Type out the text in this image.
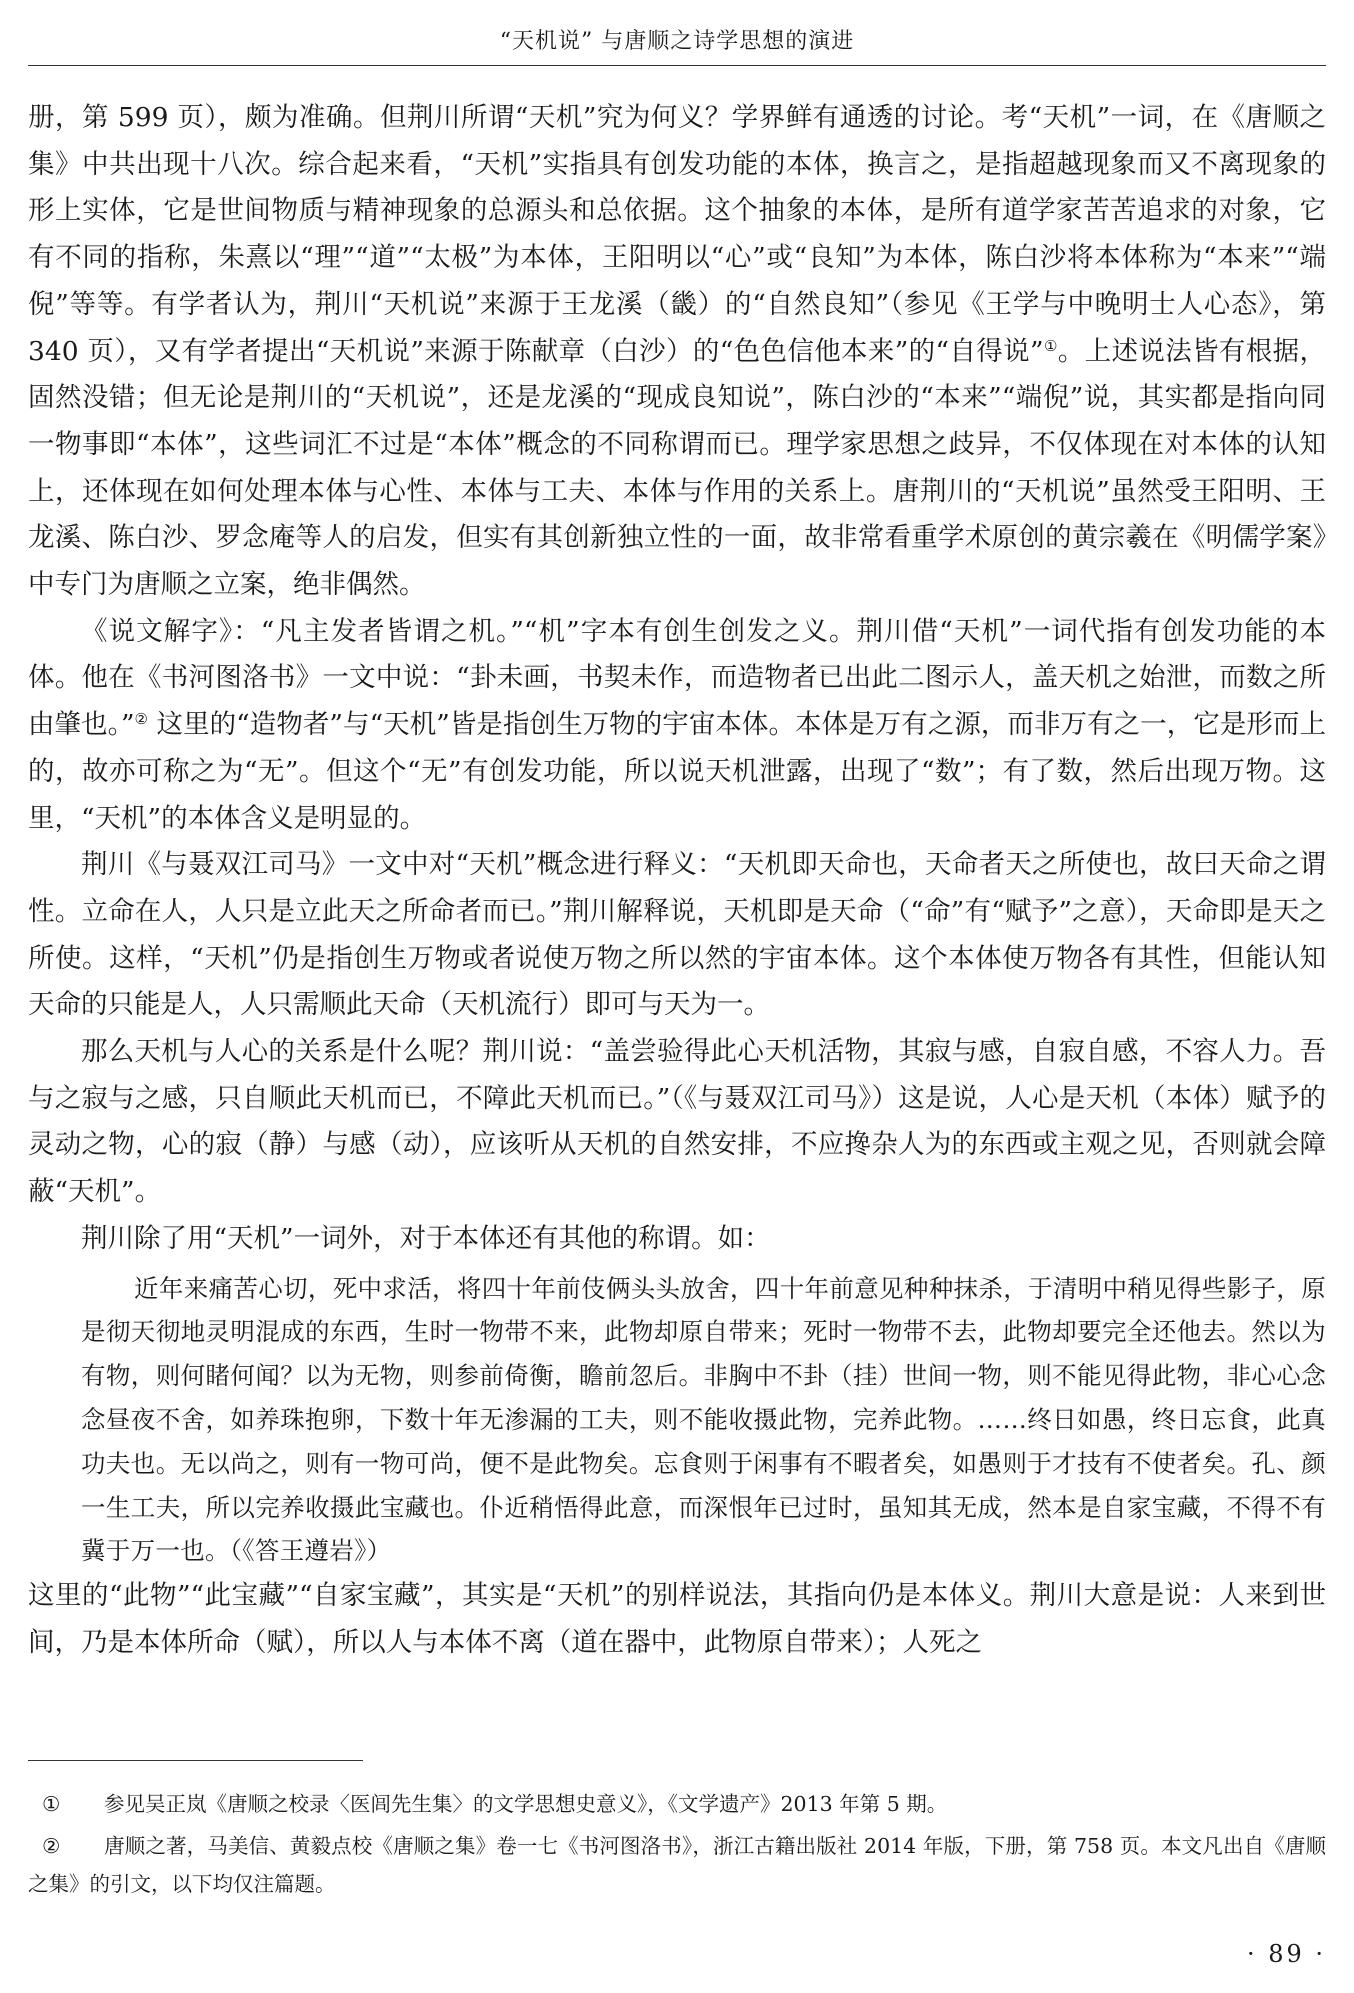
“天机说” 与唐顺之诗学思想的演进

册，第 599 页），颇为准确。但荆川所谓“天机”究为何义？学界鲜有通透的讨论。考“天机”一词，在《唐顺之集》中共出现十八次。综合起来看，“天机”实指具有创发功能的本体，换言之，是指超越现象而又不离现象的形上实体，它是世间物质与精神现象的总源头和总依据。这个抽象的本体，是所有道学家苦苦追求的对象，它有不同的指称，朱熹以“理”“道”“太极”为本体，王阳明以“心”或“良知”为本体，陈白沙将本体称为“本来”“端倪”等等。有学者认为，荆川“天机说”来源于王龙溪（畿）的“自然良知”（参见《王学与中晚明士人心态》，第 340 页），又有学者提出“天机说”来源于陈献章（白沙）的“色色信他本来”的“自得说”①。上述说法皆有根据，固然没错；但无论是荆川的“天机说”，还是龙溪的“现成良知说”，陈白沙的“本来”“端倪”说，其实都是指向同一物事即“本体”，这些词汇不过是“本体”概念的不同称谓而已。理学家思想之歧异，不仅体现在对本体的认知上，还体现在如何处理本体与心性、本体与工夫、本体与作用的关系上。唐荆川的“天机说”虽然受王阳明、王龙溪、陈白沙、罗念庵等人的启发，但实有其创新独立性的一面，故非常看重学术原创的黄宗羲在《明儒学案》中专门为唐顺之立案，绝非偶然。

《说文解字》：“凡主发者皆谓之机。”“机”字本有创生创发之义。荆川借“天机”一词代指有创发功能的本体。他在《书河图洛书》一文中说：“卦未画，书契未作，而造物者已出此二图示人，盖天机之始泄，而数之所由肇也。”② 这里的“造物者”与“天机”皆是指创生万物的宇宙本体。本体是万有之源，而非万有之一，它是形而上的，故亦可称之为“无”。但这个“无”有创发功能，所以说天机泄露，出现了“数”；有了数，然后出现万物。这里，“天机”的本体含义是明显的。

荆川《与聂双江司马》一文中对“天机”概念进行释义：“天机即天命也，天命者天之所使也，故曰天命之谓性。立命在人，人只是立此天之所命者而已。”荆川解释说，天机即是天命（“命”有“赋予”之意），天命即是天之所使。这样，“天机”仍是指创生万物或者说使万物之所以然的宇宙本体。这个本体使万物各有其性，但能认知天命的只能是人，人只需顺此天命（天机流行）即可与天为一。

那么天机与人心的关系是什么呢？荆川说：“盖尝验得此心天机活物，其寂与感，自寂自感，不容人力。吾与之寂与之感，只自顺此天机而已，不障此天机而已。”（《与聂双江司马》）这是说，人心是天机（本体）赋予的灵动之物，心的寂（静）与感（动），应该听从天机的自然安排，不应搀杂人为的东西或主观之见，否则就会障蔽“天机”。

荆川除了用“天机”一词外，对于本体还有其他的称谓。如：

近年来痛苦心切，死中求活，将四十年前伎俩头头放舍，四十年前意见种种抹杀，于清明中稍见得些影子，原是彻天彻地灵明混成的东西，生时一物带不来，此物却原自带来；死时一物带不去，此物却要完全还他去。然以为有物，则何睹何闻？以为无物，则参前倚衡，瞻前忽后。非胸中不卦（挂）世间一物，则不能见得此物，非心心念念昼夜不舍，如养珠抱卵，下数十年无渗漏的工夫，则不能收摄此物，完养此物。……终日如愚，终日忘食，此真功夫也。无以尚之，则有一物可尚，便不是此物矣。忘食则于闲事有不暇者矣，如愚则于才技有不使者矣。孔、颜一生工夫，所以完养收摄此宝藏也。仆近稍悟得此意，而深恨年已过时，虽知其无成，然本是自家宝藏，不得不有冀于万一也。（《答王遵岩》）

这里的“此物”“此宝藏”“自家宝藏”，其实是“天机”的别样说法，其指向仍是本体义。荆川大意是说：人来到世间，乃是本体所命（赋），所以人与本体不离（道在器中，此物原自带来）；人死之

① 参见吴正岚《唐顺之校录〈医闾先生集〉的文学思想史意义》，《文学遗产》2013 年第 5 期。

② 唐顺之著，马美信、黄毅点校《唐顺之集》卷一七《书河图洛书》，浙江古籍出版社 2014 年版，下册，第 758 页。本文凡出自《唐顺之集》的引文，以下均仅注篇题。

· 89 ·
